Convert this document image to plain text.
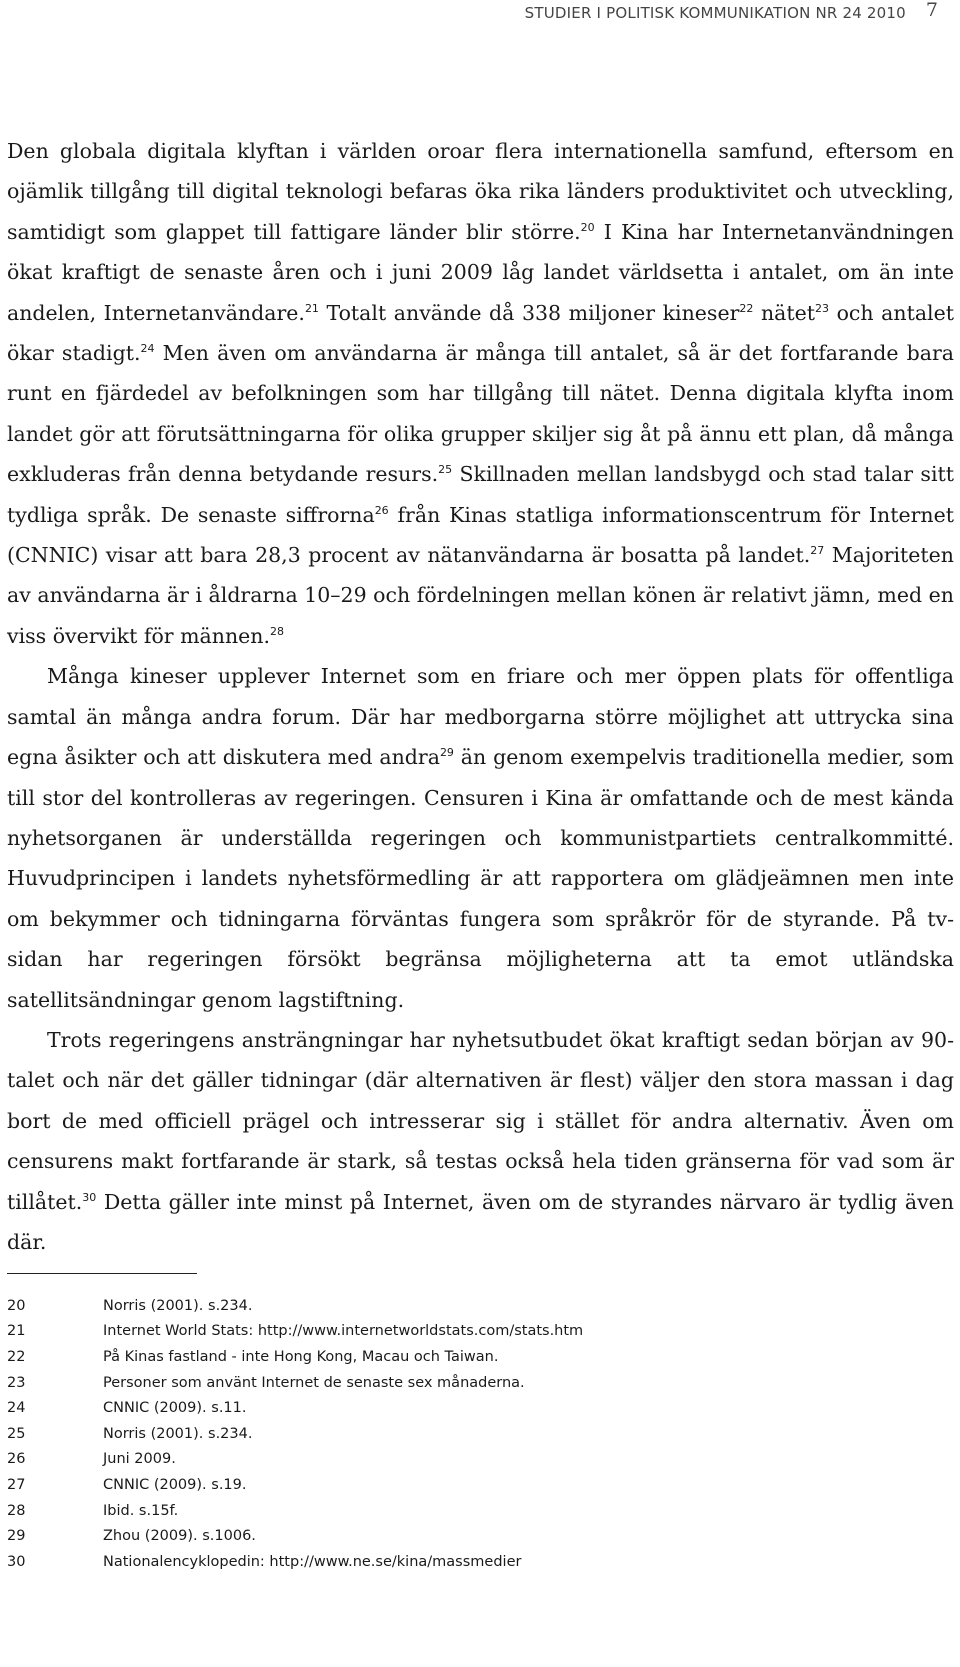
STUDIER I POLITISK KOMMUNIKATION NR 24 2010 7

Den globala digitala klyftan i världen oroar flera internationella samfund, eftersom en ojämlik tillgång till digital teknologi befaras öka rika länders produktivitet och utveckling, samtidigt som glappet till fattigare länder blir större.$^{20}$ I Kina har Internetanvändningen ökat kraftigt de senaste åren och i juni 2009 låg landet världsetta i antalet, om än inte andelen, Internetanvändare.$^{21}$ Totalt använde då 338 miljoner kineser$^{22}$ nätet$^{23}$ och antalet ökar stadigt.$^{24}$ Men även om användarna är många till antalet, så är det fortfarande bara runt en fjärdedel av befolkningen som har tillgång till nätet. Denna digitala klyfta inom landet gör att förutsättningarna för olika grupper skiljer sig åt på ännu ett plan, då många exkluderas från denna betydande resurs.$^{25}$ Skillnaden mellan landsbygd och stad talar sitt tydliga språk. De senaste siffrorna$^{26}$ från Kinas statliga informationscentrum för Internet (CNNIC) visar att bara 28,3 procent av nätanvändarna är bosatta på landet.$^{27}$ Majoriteten av användarna är i åldrarna 10–29 och fördelningen mellan könen är relativt jämn, med en viss övervikt för männen.$^{28}$

Många kineser upplever Internet som en friare och mer öppen plats för offentliga samtal än många andra forum. Där har medborgarna större möjlighet att uttrycka sina egna åsikter och att diskutera med andra$^{29}$ än genom exempelvis traditionella medier, som till stor del kontrolleras av regeringen. Censuren i Kina är omfattande och de mest kända nyhetsorganen är underställda regeringen och kommunistpartiets centralkommitté. Huvudprincipen i landets nyhetsförmedling är att rapportera om glädjeämnen men inte om bekymmer och tidningarna förväntas fungera som språkrör för de styrande. På tv-sidan har regeringen försökt begränsa möjligheterna att ta emot utländska satellitsändningar genom lagstiftning.

Trots regeringens ansträngningar har nyhetsutbudet ökat kraftigt sedan början av 90-talet och när det gäller tidningar (där alternativen är flest) väljer den stora massan i dag bort de med officiell prägel och intresserar sig i stället för andra alternativ. Även om censurens makt fortfarande är stark, så testas också hela tiden gränserna för vad som är tillåtet.$^{30}$ Detta gäller inte minst på Internet, även om de styrandes närvaro är tydlig även där.

20	Norris (2001). s.234.
21	Internet World Stats: http://www.internetworldstats.com/stats.htm
22	På Kinas fastland - inte Hong Kong, Macau och Taiwan.
23	Personer som använt Internet de senaste sex månaderna.
24	CNNIC (2009). s.11.
25	Norris (2001). s.234.
26	Juni 2009.
27	CNNIC (2009). s.19.
28	Ibid. s.15f.
29	Zhou (2009). s.1006.
30	Nationalencyklopedin: http://www.ne.se/kina/massmedier
